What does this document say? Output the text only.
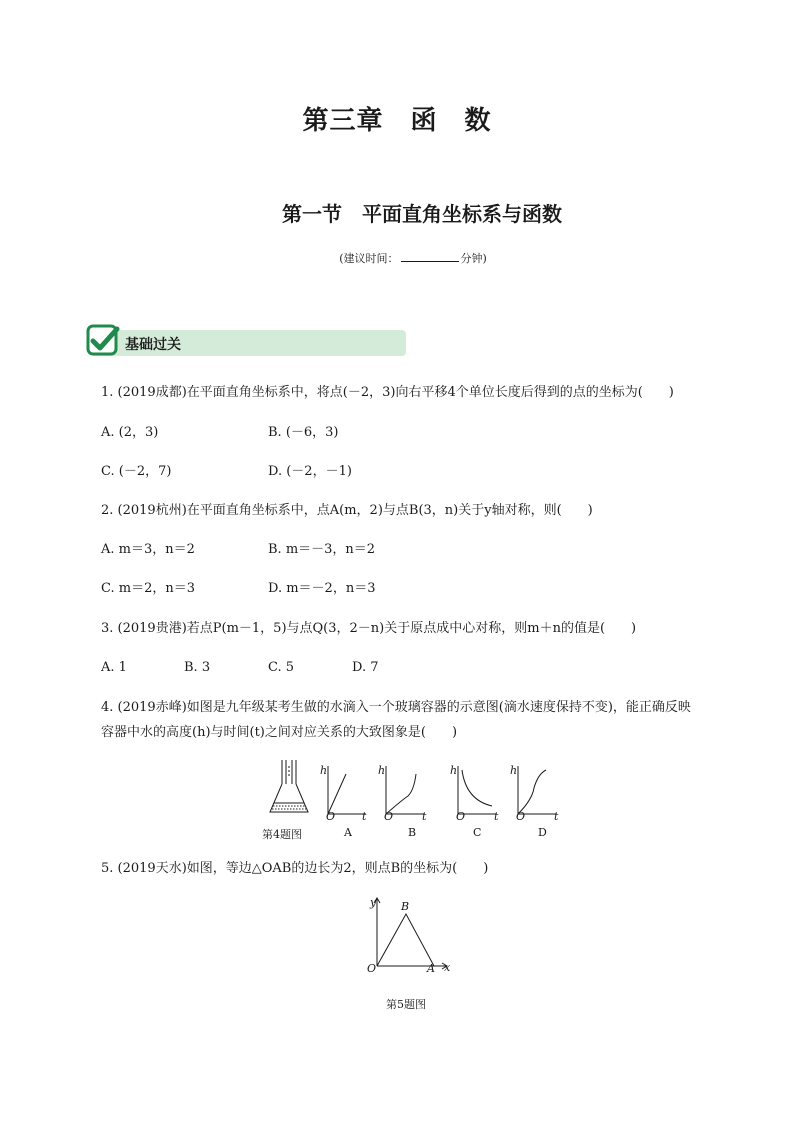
第三章　函　数
第一节　平面直角坐标系与函数
(建议时间：	分钟)
基础过关
1. (2019成都)在平面直角坐标系中，将点(－2，3)向右平移4个单位长度后得到的点的坐标为(　　)
A. (2，3)	B. (－6，3)
C. (－2，7)	D. (－2，－1)
2. (2019杭州)在平面直角坐标系中，点A(m，2)与点B(3，n)关于y轴对称，则(　　)
A. m＝3，n＝2	B. m＝－3，n＝2
C. m＝2，n＝3	D. m＝－2，n＝3
3. (2019贵港)若点P(m－1，5)与点Q(3，2－n)关于原点成中心对称，则m＋n的值是(　　)
A. 1	B. 3	C. 5	D. 7
4. (2019赤峰)如图是九年级某考生做的水滴入一个玻璃容器的示意图(滴水速度保持不变)，能正确反映
容器中水的高度(h)与时间(t)之间对应关系的大致图象是(　　)
h
O t
h
O	t
h
O	t
h
O	t
第4题图	A	B	C	D
5. (2019天水)如图，等边△OAB的边长为2，则点B的坐标为(　　)
y
x
O	A
B
第5题图
